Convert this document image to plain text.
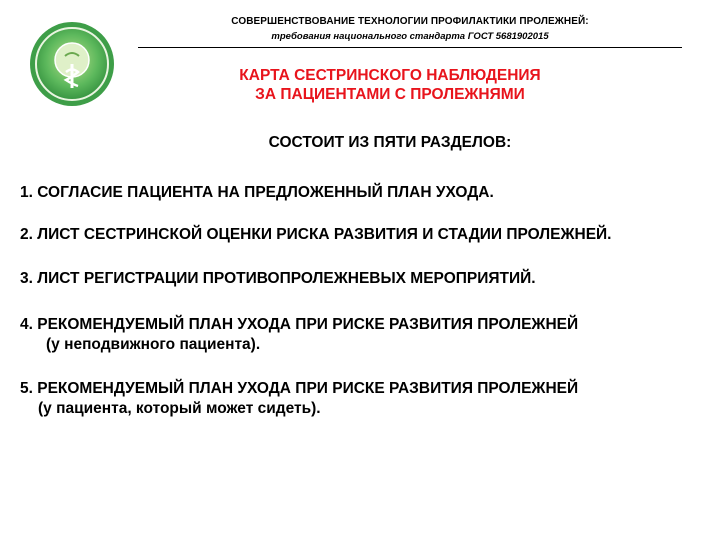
СОВЕРШЕНСТВОВАНИЕ ТЕХНОЛОГИИ ПРОФИЛАКТИКИ ПРОЛЕЖНЕЙ:
требования национального стандарта ГОСТ 5681902015
КАРТА СЕСТРИНСКОГО НАБЛЮДЕНИЯ
ЗА ПАЦИЕНТАМИ С ПРОЛЕЖНЯМИ
СОСТОИТ ИЗ ПЯТИ РАЗДЕЛОВ:
1. СОГЛАСИЕ ПАЦИЕНТА НА ПРЕДЛОЖЕННЫЙ ПЛАН УХОДА.
2. ЛИСТ СЕСТРИНСКОЙ ОЦЕНКИ РИСКА РАЗВИТИЯ И СТАДИИ ПРОЛЕЖНЕЙ.
3. ЛИСТ РЕГИСТРАЦИИ ПРОТИВОПРОЛЕЖНЕВЫХ МЕРОПРИЯТИЙ.
4. РЕКОМЕНДУЕМЫЙ ПЛАН УХОДА ПРИ РИСКЕ РАЗВИТИЯ ПРОЛЕЖНЕЙ
(у неподвижного пациента).
5. РЕКОМЕНДУЕМЫЙ ПЛАН УХОДА ПРИ РИСКЕ РАЗВИТИЯ ПРОЛЕЖНЕЙ
(у пациента, который может сидеть).
